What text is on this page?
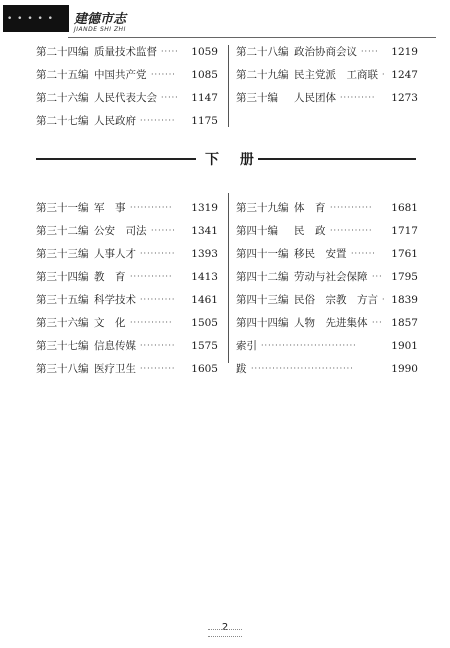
• • • • • 建德市志
JIANDE SHI ZHI
第二十四编 质量技术监督 ·····	1059
第二十五编 中国共产党 ·······	1085
第二十六编 人民代表大会 ·····	1147
第二十七编 人民政府 ··········	1175
第二十八编 政治协商会议 ·····	1219
第二十九编 民主党派　工商联 · 1247
第三十编 人民团体 ··········	1273
下 册
第三十一编 军　事 ············	1319
第三十二编 公安　司法 ·······	1341
第三十三编 人事人才 ··········	1393
第三十四编 教　育 ············	1413
第三十五编 科学技术 ··········	1461
第三十六编 文　化 ············	1505
第三十七编 信息传媒 ··········	1575
第三十八编 医疗卫生 ··········	1605
第三十九编 体　育 ············	1681
第四十编 民　政 ············	1717
第四十一编 移民　安置 ·······	1761
第四十二编 劳动与社会保障 ··· 1795
第四十三编 民俗　宗教　方言 · 1839
第四十四编 人物　先进集体 ··· 1857
索引 ···························	1901
跋 ·····························	1990
2
